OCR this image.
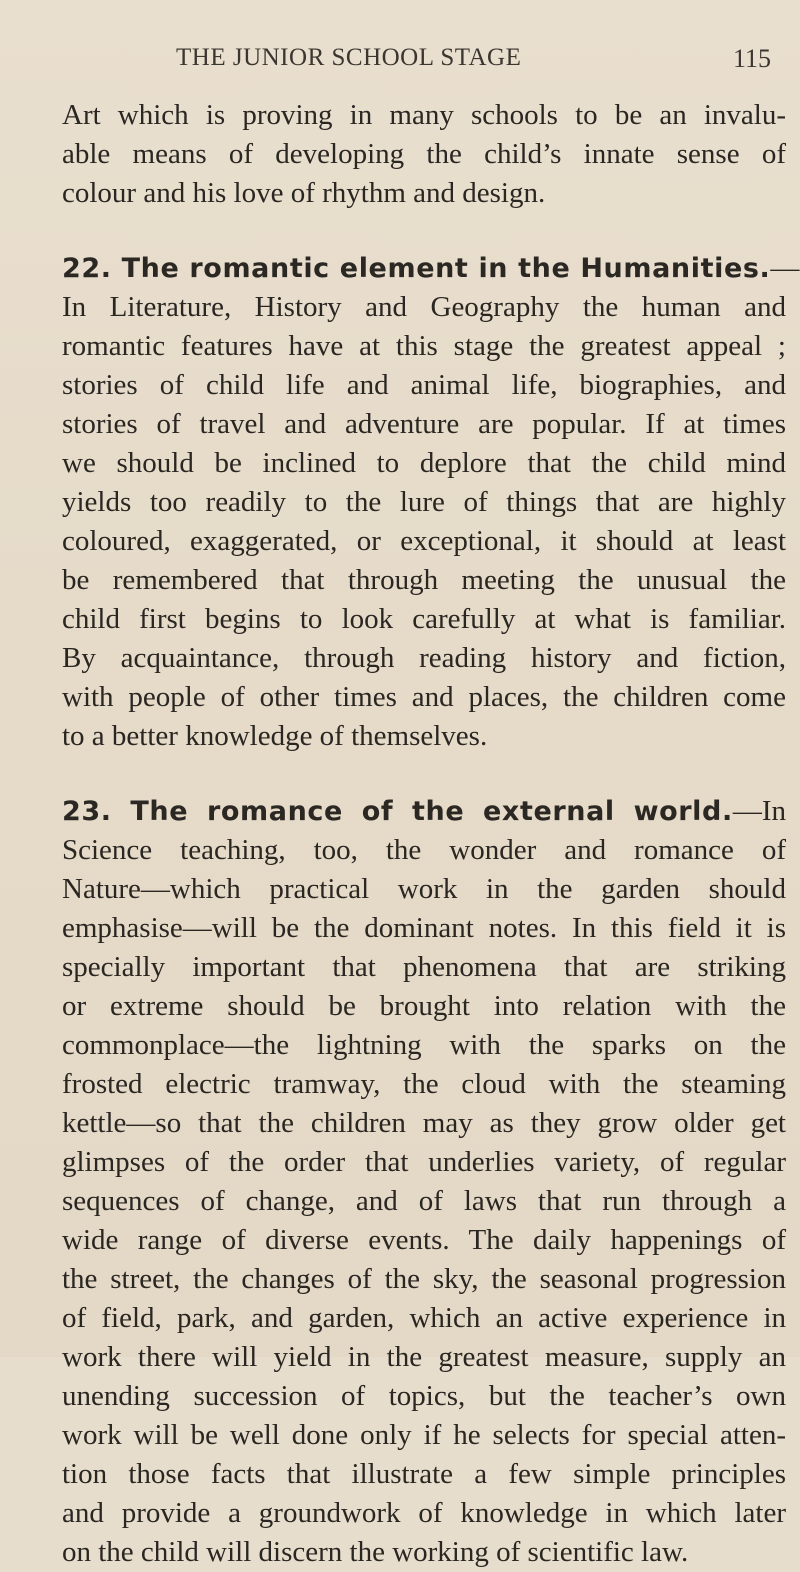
THE JUNIOR SCHOOL STAGE	115
Art which is proving in many schools to be an invalu-
able means of developing the child’s innate sense of
colour and his love of rhythm and design.
22. The romantic element in the Humanities.—
In Literature, History and Geography the human and
romantic features have at this stage the greatest appeal ;
stories of child life and animal life, biographies, and
stories of travel and adventure are popular. If at times
we should be inclined to deplore that the child mind
yields too readily to the lure of things that are highly
coloured, exaggerated, or exceptional, it should at least
be remembered that through meeting the unusual the
child first begins to look carefully at what is familiar.
By acquaintance, through reading history and fiction,
with people of other times and places, the children come
to a better knowledge of themselves.
23. The romance of the external world.—In
Science teaching, too, the wonder and romance of
Nature—which practical work in the garden should
emphasise—will be the dominant notes. In this field it is
specially important that phenomena that are striking
or extreme should be brought into relation with the
commonplace—the lightning with the sparks on the
frosted electric tramway, the cloud with the steaming
kettle—so that the children may as they grow older get
glimpses of the order that underlies variety, of regular
sequences of change, and of laws that run through a
wide range of diverse events. The daily happenings of
the street, the changes of the sky, the seasonal progression
of field, park, and garden, which an active experience in
work there will yield in the greatest measure, supply an
unending succession of topics, but the teacher’s own
work will be well done only if he selects for special atten-
tion those facts that illustrate a few simple principles
and provide a groundwork of knowledge in which later
on the child will discern the working of scientific law.
